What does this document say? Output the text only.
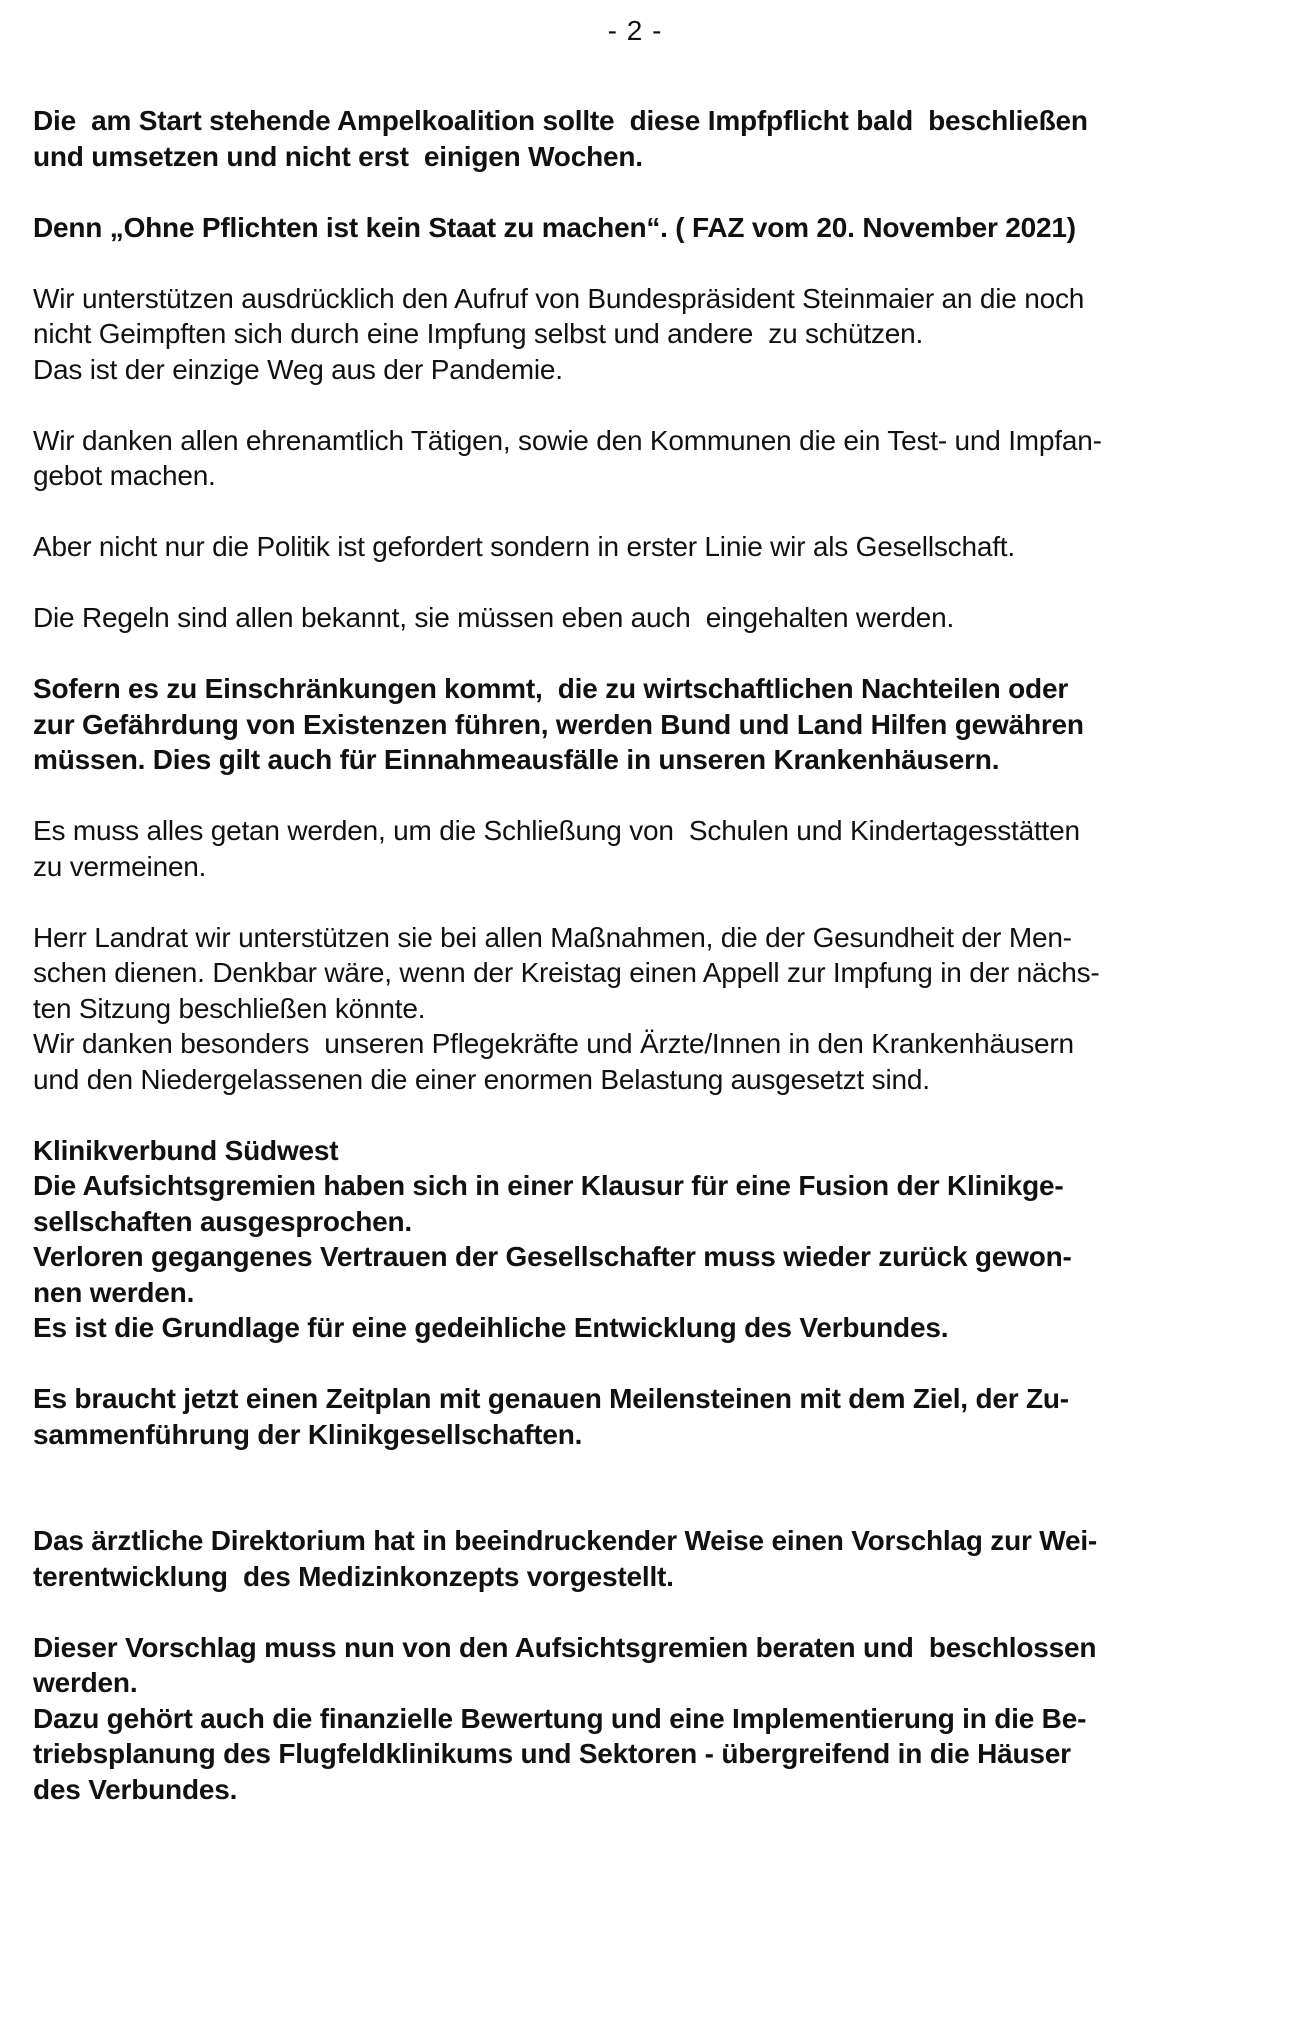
- 2 -
Die  am Start stehende Ampelkoalition sollte  diese Impfpflicht bald  beschließen
und umsetzen und nicht erst  einigen Wochen.
Denn „Ohne Pflichten ist kein Staat zu machen“. ( FAZ vom 20. November 2021)
Wir unterstützen ausdrücklich den Aufruf von Bundespräsident Steinmaier an die noch
nicht Geimpften sich durch eine Impfung selbst und andere  zu schützen.
Das ist der einzige Weg aus der Pandemie.
Wir danken allen ehrenamtlich Tätigen, sowie den Kommunen die ein Test- und Impfan-
gebot machen.
Aber nicht nur die Politik ist gefordert sondern in erster Linie wir als Gesellschaft.
Die Regeln sind allen bekannt, sie müssen eben auch  eingehalten werden.
Sofern es zu Einschränkungen kommt,  die zu wirtschaftlichen Nachteilen oder
zur Gefährdung von Existenzen führen, werden Bund und Land Hilfen gewähren
müssen. Dies gilt auch für Einnahmeausfälle in unseren Krankenhäusern.
Es muss alles getan werden, um die Schließung von  Schulen und Kindertagesstätten
zu vermeinen.
Herr Landrat wir unterstützen sie bei allen Maßnahmen, die der Gesundheit der Men-
schen dienen. Denkbar wäre, wenn der Kreistag einen Appell zur Impfung in der nächs-
ten Sitzung beschließen könnte.
Wir danken besonders  unseren Pflegekräfte und Ärzte/Innen in den Krankenhäusern
und den Niedergelassenen die einer enormen Belastung ausgesetzt sind.
Klinikverbund Südwest
Die Aufsichtsgremien haben sich in einer Klausur für eine Fusion der Klinikge-
sellschaften ausgesprochen.
Verloren gegangenes Vertrauen der Gesellschafter muss wieder zurück gewon-
nen werden.
Es ist die Grundlage für eine gedeihliche Entwicklung des Verbundes.
Es braucht jetzt einen Zeitplan mit genauen Meilensteinen mit dem Ziel, der Zu-
sammenführung der Klinikgesellschaften.
Das ärztliche Direktorium hat in beeindruckender Weise einen Vorschlag zur Wei-
terentwicklung  des Medizinkonzepts vorgestellt.
Dieser Vorschlag muss nun von den Aufsichtsgremien beraten und  beschlossen
werden.
Dazu gehört auch die finanzielle Bewertung und eine Implementierung in die Be-
triebsplanung des Flugfeldklinikums und Sektoren - übergreifend in die Häuser
des Verbundes.
